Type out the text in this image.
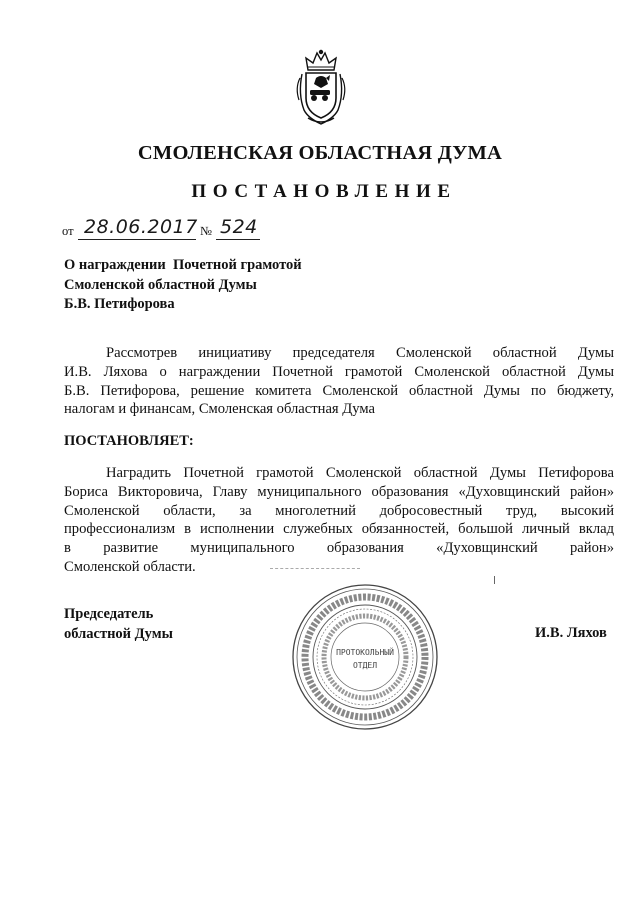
СМОЛЕНСКАЯ ОБЛАСТНАЯ ДУМА
ПОСТАНОВЛЕНИЕ
от 28.06.2017 № 524
О награждении  Почетной грамотой
Смоленской областной Думы
Б.В. Петифорова
Рассмотрев инициативу председателя Смоленской областной Думы
И.В. Ляхова о награждении Почетной грамотой Смоленской областной Думы
Б.В. Петифорова, решение комитета Смоленской областной Думы по бюджету,
налогам и финансам, Смоленская областная Дума
ПОСТАНОВЛЯЕТ:
Наградить Почетной грамотой Смоленской областной Думы Петифорова
Бориса Викторовича, Главу муниципального образования «Духовщинский район»
Смоленской области, за многолетний добросовестный труд, высокий
профессионализм в исполнении служебных обязанностей, большой личный вклад
в развитие муниципального образования «Духовщинский район»
Смоленской области.
ПРОТОКОЛЬНЫЙ
ОТДЕЛ
Председатель
областной Думы	И.В. Ляхов
